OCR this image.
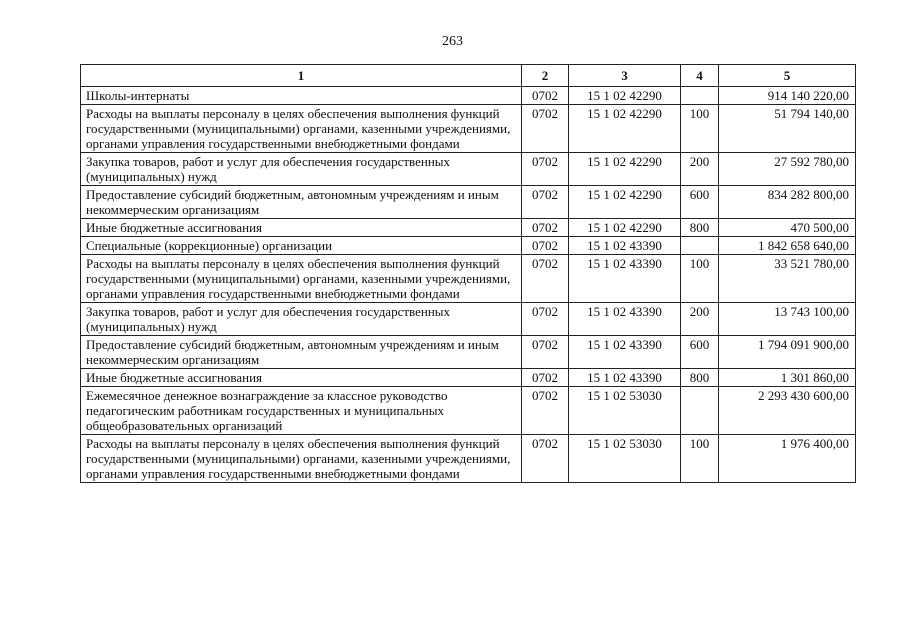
263
1	2	3	4	5
Школы-интернаты	0702	15 1 02 42290		914 140 220,00
Расходы на выплаты персоналу в целях обеспечения выполнения функций государственными (муниципальными) органами, казенными учреждениями, органами управления государственными внебюджетными фондами	0702	15 1 02 42290	100	51 794 140,00
Закупка товаров, работ и услуг для обеспечения государственных (муниципальных) нужд	0702	15 1 02 42290	200	27 592 780,00
Предоставление субсидий бюджетным, автономным учреждениям и иным некоммерческим организациям	0702	15 1 02 42290	600	834 282 800,00
Иные бюджетные ассигнования	0702	15 1 02 42290	800	470 500,00
Специальные (коррекционные) организации	0702	15 1 02 43390		1 842 658 640,00
Расходы на выплаты персоналу в целях обеспечения выполнения функций государственными (муниципальными) органами, казенными учреждениями, органами управления государственными внебюджетными фондами	0702	15 1 02 43390	100	33 521 780,00
Закупка товаров, работ и услуг для обеспечения государственных (муниципальных) нужд	0702	15 1 02 43390	200	13 743 100,00
Предоставление субсидий бюджетным, автономным учреждениям и иным некоммерческим организациям	0702	15 1 02 43390	600	1 794 091 900,00
Иные бюджетные ассигнования	0702	15 1 02 43390	800	1 301 860,00
Ежемесячное денежное вознаграждение за классное руководство педагогическим работникам государственных и муниципальных общеобразовательных организаций	0702	15 1 02 53030		2 293 430 600,00
Расходы на выплаты персоналу в целях обеспечения выполнения функций государственными (муниципальными) органами, казенными учреждениями, органами управления государственными внебюджетными фондами	0702	15 1 02 53030	100	1 976 400,00
